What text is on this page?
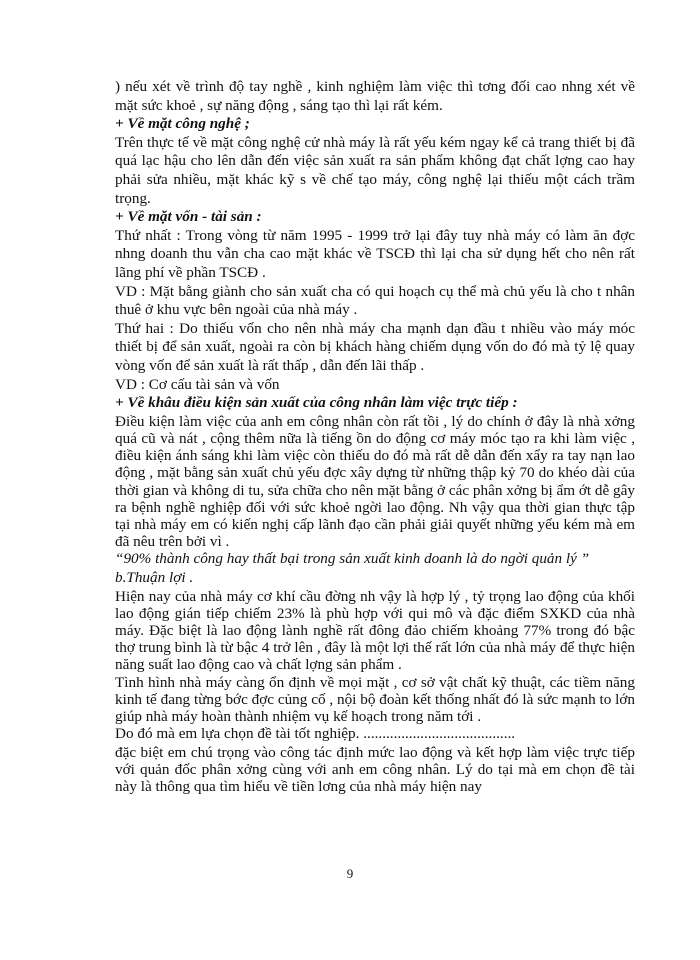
) nếu xét về trình độ tay nghề , kinh nghiệm làm việc thì tơng đối cao nhng xét về mặt sức khoẻ , sự năng động , sáng tạo thì lại rất kém.

+ Về mặt công nghệ ;

Trên thực tế về mặt công nghệ cử nhà máy là rất yếu kém ngay kể cả trang thiết bị đã quá lạc hậu cho lên dẫn đến việc sản xuất ra sản phẩm không đạt chất lợng cao hay phải sửa nhiều, mặt khác kỹ s về chế tạo máy, công nghệ lại thiếu một cách trầm trọng.

+ Về mặt vốn - tài sản :

Thứ nhất : Trong vòng từ năm 1995 - 1999 trở lại đây tuy nhà máy có làm ăn đợc nhng doanh thu vẫn cha cao mặt khác về TSCĐ thì lại cha sử dụng hết cho nên rất lãng phí về phần TSCĐ .

VD : Mặt bằng giành cho sản xuất cha có qui hoạch cụ thể mà chủ yếu là cho t nhân thuê ở khu vực bên ngoài của nhà máy .

Thứ hai : Do thiếu vốn cho nên nhà máy cha mạnh dạn đầu t nhiều vào máy móc thiết bị để sản xuất, ngoài ra còn bị khách hàng chiếm dụng vốn do đó mà tỷ lệ quay vòng vốn để sản xuất là rất thấp , dẫn đến lãi thấp .

VD : Cơ cấu tài sản và vốn

+ Về khâu điều kiện sản xuất của công nhân làm việc trực tiếp :

Điều kiện làm việc của anh em công nhân còn rất tồi , lý do chính ở đây là nhà xởng quá cũ và nát , cộng thêm nữa là tiếng ồn do động cơ máy móc tạo ra khi làm việc , điều kiện ánh sáng khi làm việc còn thiếu do đó mà rất dễ dẫn đến xẩy ra tay nạn lao động , mặt bằng sản xuất chủ yếu đợc xây dựng từ những thập kỷ 70 do khéo dài của thời gian và không di tu, sửa chữa cho nên mặt bằng ở các phân xởng bị ẩm ớt dễ gây ra bệnh nghề nghiệp đối với sức khoẻ ngời lao động. Nh vậy qua thời gian thực tập tại nhà máy em có kiến nghị cấp lãnh đạo cần phải giải quyết những yếu kém mà em đã nêu trên bởi vì .

“90% thành công hay thất bại trong sản xuất kinh doanh là do ngời quản lý ”

b.Thuận lợi .

Hiện nay của nhà máy cơ khí cầu đờng nh vậy là hợp lý , tỷ trọng lao động của khối lao động gián tiếp chiếm 23% là phù hợp với qui mô và đặc điểm SXKD của nhà máy. Đặc biệt là lao động lành nghề rất đông đảo chiếm khoảng 77% trong đó bậc thợ trung bình là từ bậc 4 trở lên , đây là một lợi thế rất lớn của nhà máy để thực hiện năng suất lao động cao và chất lợng sản phẩm .

Tình hình nhà máy càng ổn định về mọi mặt , cơ sở vật chất kỹ thuật, các tiềm năng kinh tế đang từng bớc đợc củng cố , nội bộ đoàn kết thống nhất đó là sức mạnh to lớn giúp nhà máy hoàn thành nhiệm vụ kế hoạch trong năm tới .

Do đó mà em lựa chọn đề tài tốt nghiệp. ........................................

đặc biệt em chú trọng vào công tác định mức lao động và kết hợp làm việc trực tiếp với quản đốc phân xởng cùng với anh em công nhân. Lý do tại mà em chọn đề tài này là thông qua tìm hiểu về tiền lơng của nhà máy hiện nay

9
